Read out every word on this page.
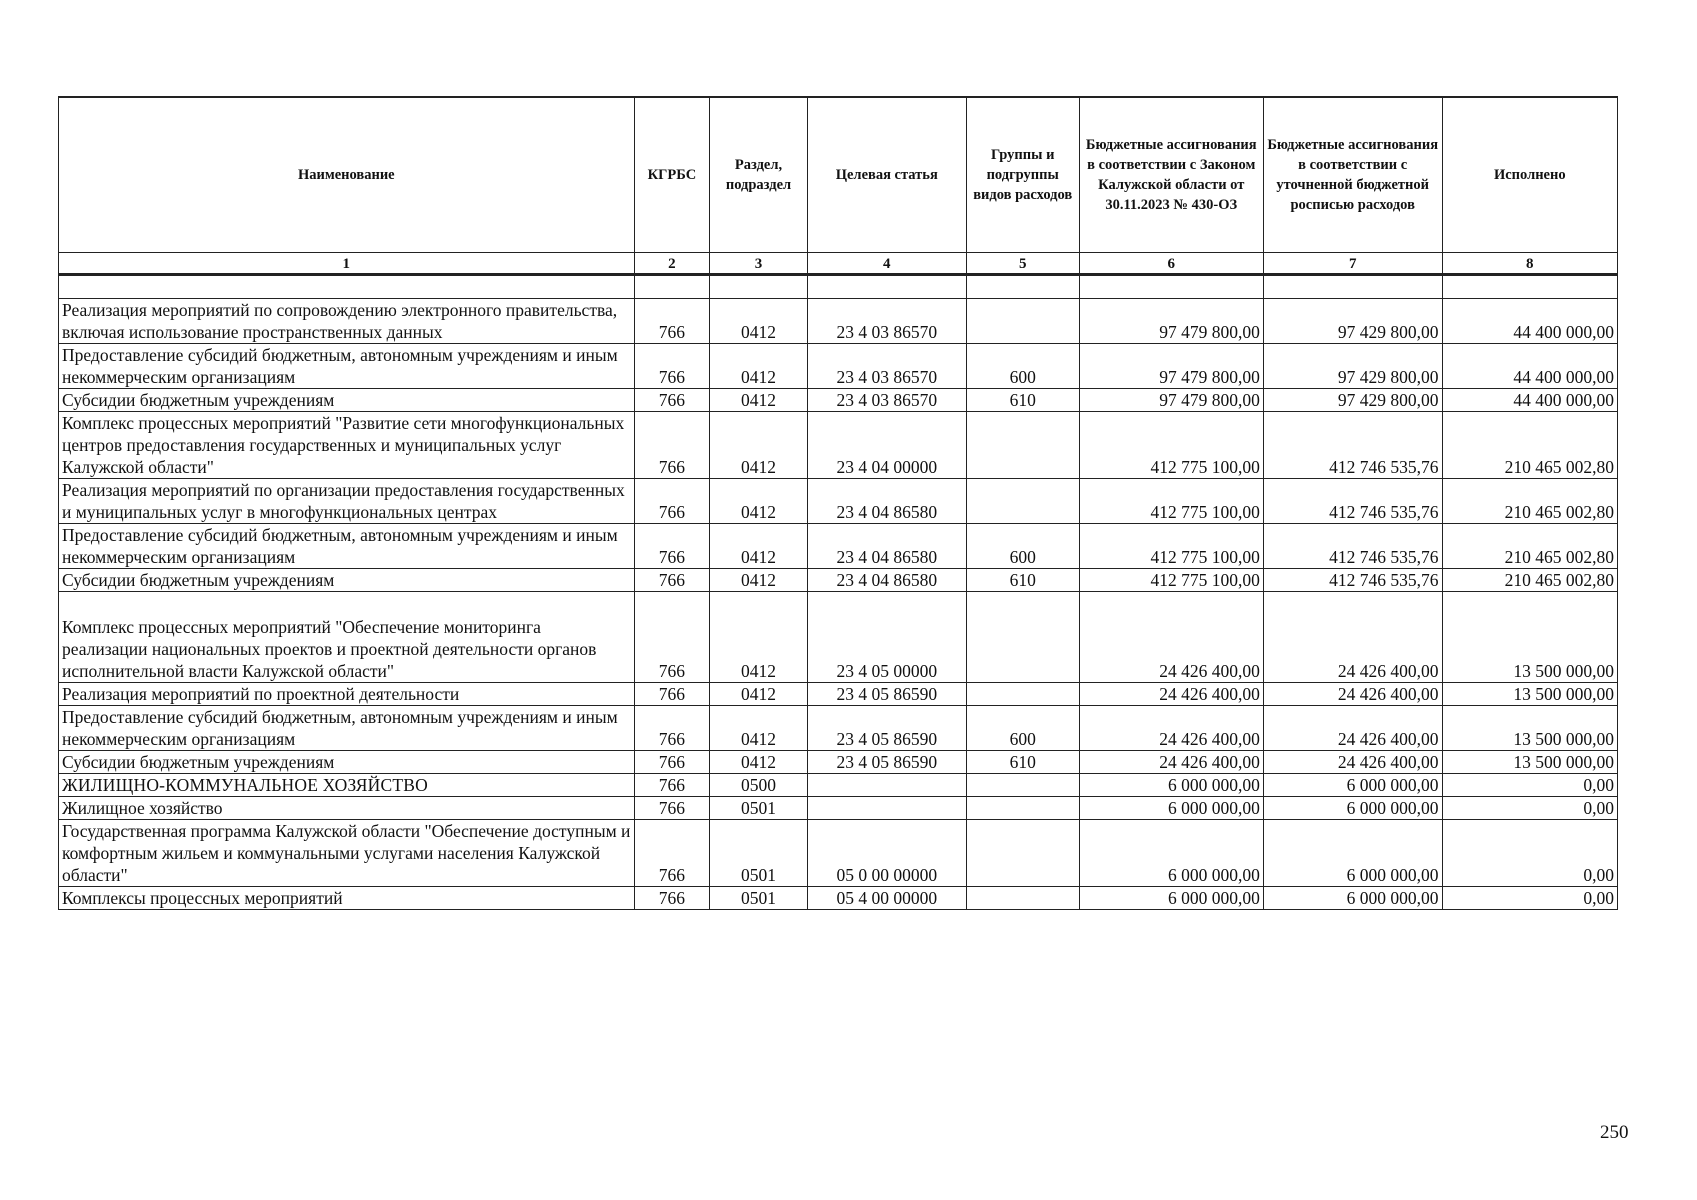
Наименование	КГРБС	Раздел, подраздел	Целевая статья	Группы и подгруппы видов расходов	Бюджетные ассигнования в соответствии с Законом Калужской области от 30.11.2023 № 430-ОЗ	Бюджетные ассигнования в соответствии с уточненной бюджетной росписью расходов	Исполнено
1	2	3	4	5	6	7	8

Реализация мероприятий по сопровождению электронного правительства, включая использование пространственных данных	766	0412	23 4 03 86570		97 479 800,00	97 429 800,00	44 400 000,00
Предоставление субсидий бюджетным, автономным учреждениям и иным некоммерческим организациям	766	0412	23 4 03 86570	600	97 479 800,00	97 429 800,00	44 400 000,00
Субсидии бюджетным учреждениям	766	0412	23 4 03 86570	610	97 479 800,00	97 429 800,00	44 400 000,00
Комплекс процессных мероприятий "Развитие сети многофункциональных центров предоставления государственных и муниципальных услуг Калужской области"	766	0412	23 4 04 00000		412 775 100,00	412 746 535,76	210 465 002,80
Реализация мероприятий по организации предоставления государственных и муниципальных услуг в многофункциональных центрах	766	0412	23 4 04 86580		412 775 100,00	412 746 535,76	210 465 002,80
Предоставление субсидий бюджетным, автономным учреждениям и иным некоммерческим организациям	766	0412	23 4 04 86580	600	412 775 100,00	412 746 535,76	210 465 002,80
Субсидии бюджетным учреждениям	766	0412	23 4 04 86580	610	412 775 100,00	412 746 535,76	210 465 002,80
Комплекс процессных мероприятий "Обеспечение мониторинга реализации национальных проектов и проектной деятельности органов исполнительной власти Калужской области"	766	0412	23 4 05 00000		24 426 400,00	24 426 400,00	13 500 000,00
Реализация мероприятий по проектной деятельности	766	0412	23 4 05 86590		24 426 400,00	24 426 400,00	13 500 000,00
Предоставление субсидий бюджетным, автономным учреждениям и иным некоммерческим организациям	766	0412	23 4 05 86590	600	24 426 400,00	24 426 400,00	13 500 000,00
Субсидии бюджетным учреждениям	766	0412	23 4 05 86590	610	24 426 400,00	24 426 400,00	13 500 000,00
ЖИЛИЩНО-КОММУНАЛЬНОЕ ХОЗЯЙСТВО	766	0500			6 000 000,00	6 000 000,00	0,00
Жилищное хозяйство	766	0501			6 000 000,00	6 000 000,00	0,00
Государственная программа Калужской области "Обеспечение доступным и комфортным жильем и коммунальными услугами населения Калужской области"	766	0501	05 0 00 00000		6 000 000,00	6 000 000,00	0,00
Комплексы процессных мероприятий	766	0501	05 4 00 00000		6 000 000,00	6 000 000,00	0,00
250
